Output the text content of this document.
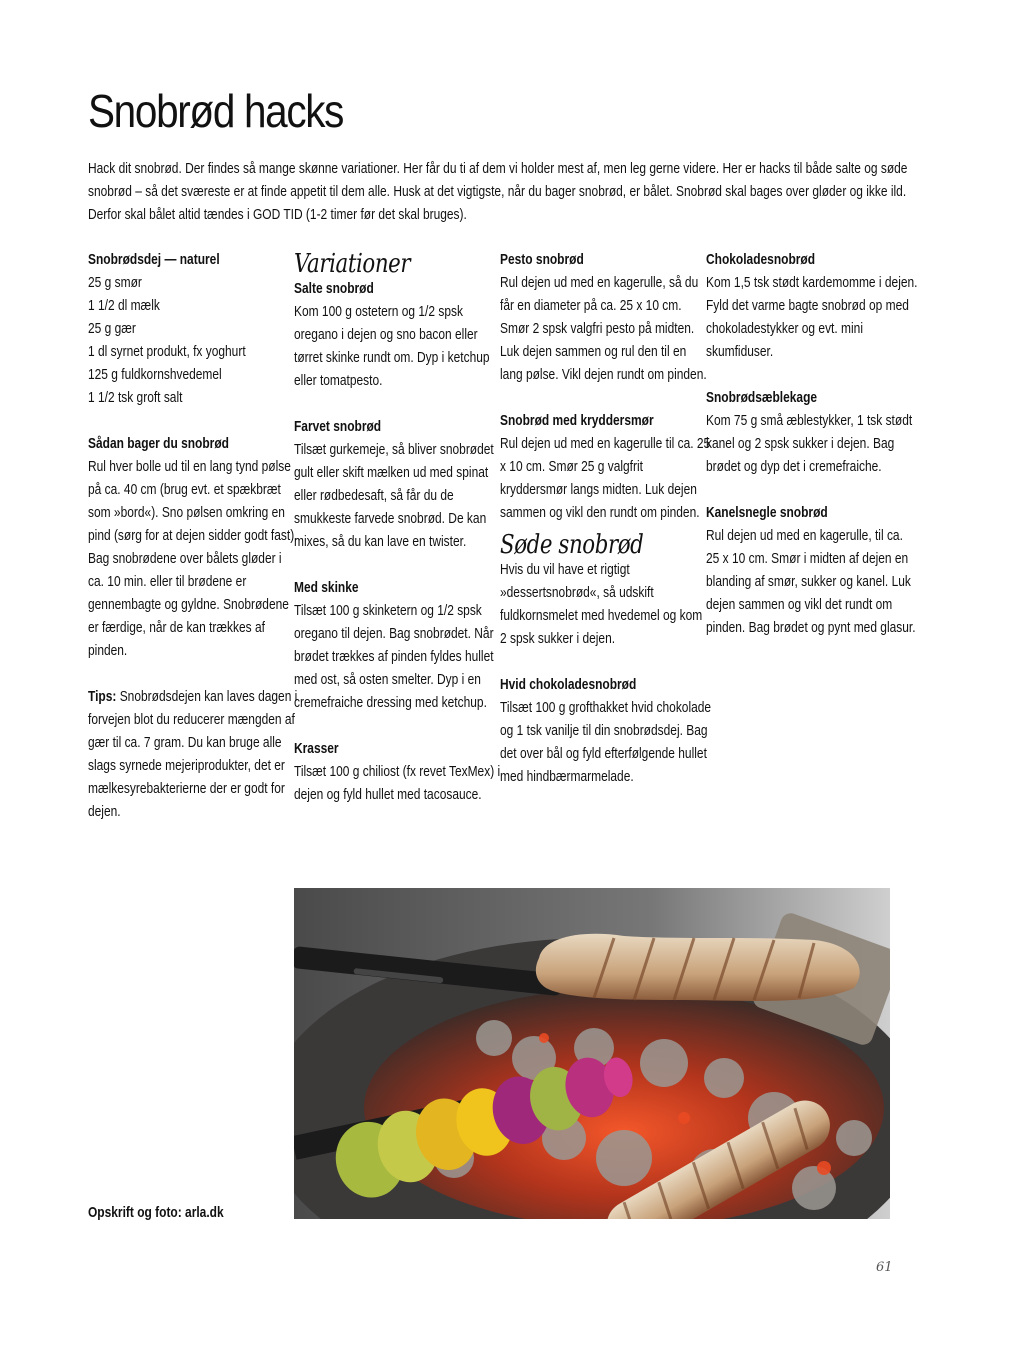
Snobrød hacks

Hack dit snobrød. Der findes så mange skønne variationer. Her får du ti af dem vi holder mest af, men leg gerne videre. Her er hacks til både salte og søde snobrød – så det sværeste er at finde appetit til dem alle. Husk at det vigtigste, når du bager snobrød, er bålet. Snobrød skal bages over gløder og ikke ild. Derfor skal bålet altid tændes i GOD TID (1-2 timer før det skal bruges).

Snobrødsdej — naturel

25 g smør
1 1/2 dl mælk
25 g gær
1 dl syrnet produkt, fx yoghurt
125 g fuldkornshvedemel
1 1/2 tsk groft salt

Sådan bager du snobrød

Rul hver bolle ud til en lang tynd pølse på ca. 40 cm (brug evt. et spækbræt som »bord«). Sno pølsen omkring en pind (sørg for at dejen sidder godt fast). Bag snobrødene over bålets gløder i ca. 10 min. eller til brødene er gennembagte og gyldne. Snobrødene er færdige, når de kan trækkes af pinden.

Tips: Snobrødsdejen kan laves dagen i forvejen blot du reducerer mængden af gær til ca. 7 gram. Du kan bruge alle slags syrnede mejeriprodukter, det er mælkesyrebakterierne der er godt for dejen.

Variationer
Salte snobrød

Kom 100 g ostetern og 1/2 spsk oregano i dejen og sno bacon eller tørret skinke rundt om. Dyp i ketchup eller tomatpesto.

Farvet snobrød

Tilsæt gurkemeje, så bliver snobrødet gult eller skift mælken ud med spinat eller rødbedesaft, så får du de smukkeste farvede snobrød. De kan mixes, så du kan lave en twister.

Med skinke

Tilsæt 100 g skinketern og 1/2 spsk oregano til dejen. Bag snobrødet. Når brødet trækkes af pinden fyldes hullet med ost, så osten smelter. Dyp i en cremefraiche dressing med ketchup.

Krasser

Tilsæt 100 g chiliost (fx revet TexMex) i dejen og fyld hullet med tacosauce.

Pesto snobrød

Rul dejen ud med en kagerulle, så du får en diameter på ca. 25 x 10 cm. Smør 2 spsk valgfri pesto på midten. Luk dejen sammen og rul den til en lang pølse. Vikl dejen rundt om pinden.

Snobrød med kryddersmør

Rul dejen ud med en kagerulle til ca. 25 x 10 cm. Smør 25 g valgfrit kryddersmør langs midten. Luk dejen sammen og vikl den rundt om pinden.

Søde snobrød

Hvis du vil have et rigtigt »dessertsnobrød«, så udskift fuldkornsmelet med hvedemel og kom 2 spsk sukker i dejen.

Hvid chokoladesnobrød

Tilsæt 100 g grofthakket hvid chokolade og 1 tsk vanilje til din snobrødsdej. Bag det over bål og fyld efterfølgende hullet med hindbærmarmelade.

Chokoladesnobrød

Kom 1,5 tsk stødt kardemomme i dejen. Fyld det varme bagte snobrød op med chokoladestykker og evt. mini skumfiduser.

Snobrødsæblekage

Kom 75 g små æblestykker, 1 tsk stødt kanel og 2 spsk sukker i dejen. Bag brødet og dyp det i cremefraiche.

Kanelsnegle snobrød

Rul dejen ud med en kagerulle, til ca. 25 x 10 cm. Smør i midten af dejen en blanding af smør, sukker og kanel. Luk dejen sammen og vikl det rundt om pinden. Bag brødet og pynt med glasur.

Opskrift og foto: arla.dk
61
